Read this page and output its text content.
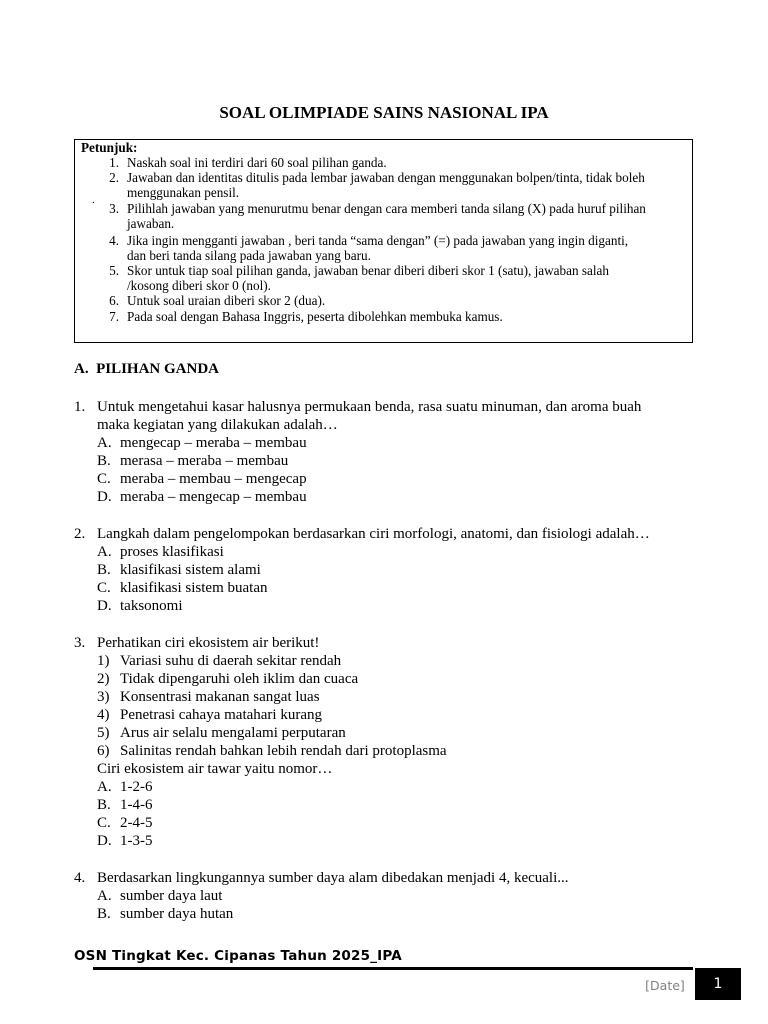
SOAL OLIMPIADE SAINS NASIONAL IPA
Petunjuk:
.
1. Naskah soal ini terdiri dari 60 soal pilihan ganda.
2. Jawaban dan identitas ditulis pada lembar jawaban dengan menggunakan bolpen/tinta, tidak boleh
menggunakan pensil.
3. Pilihlah jawaban yang menurutmu benar dengan cara memberi tanda silang (X) pada huruf pilihan
jawaban.
4. Jika ingin mengganti jawaban , beri tanda “sama dengan” (=) pada jawaban yang ingin diganti,
dan beri tanda silang pada jawaban yang baru.
5. Skor untuk tiap soal pilihan ganda, jawaban benar diberi diberi skor 1 (satu), jawaban salah
/kosong diberi skor 0 (nol).
6. Untuk soal uraian diberi skor 2 (dua).
7. Pada soal dengan Bahasa Inggris, peserta dibolehkan membuka kamus.
A. PILIHAN GANDA
1. Untuk mengetahui kasar halusnya permukaan benda, rasa suatu minuman, dan aroma buah
maka kegiatan yang dilakukan adalah…
A. mengecap – meraba – membau
B. merasa – meraba – membau
C. meraba – membau – mengecap
D. meraba – mengecap – membau
2. Langkah dalam pengelompokan berdasarkan ciri morfologi, anatomi, dan fisiologi adalah…
A. proses klasifikasi
B. klasifikasi sistem alami
C. klasifikasi sistem buatan
D. taksonomi
3. Perhatikan ciri ekosistem air berikut!
1) Variasi suhu di daerah sekitar rendah
2) Tidak dipengaruhi oleh iklim dan cuaca
3) Konsentrasi makanan sangat luas
4) Penetrasi cahaya matahari kurang
5) Arus air selalu mengalami perputaran
6) Salinitas rendah bahkan lebih rendah dari protoplasma
Ciri ekosistem air tawar yaitu nomor…
A. 1-2-6
B. 1-4-6
C. 2-4-5
D. 1-3-5
4. Berdasarkan lingkungannya sumber daya alam dibedakan menjadi 4, kecuali...
A. sumber daya laut
B. sumber daya hutan
OSN Tingkat Kec. Cipanas Tahun 2025_IPA
[Date]	1
